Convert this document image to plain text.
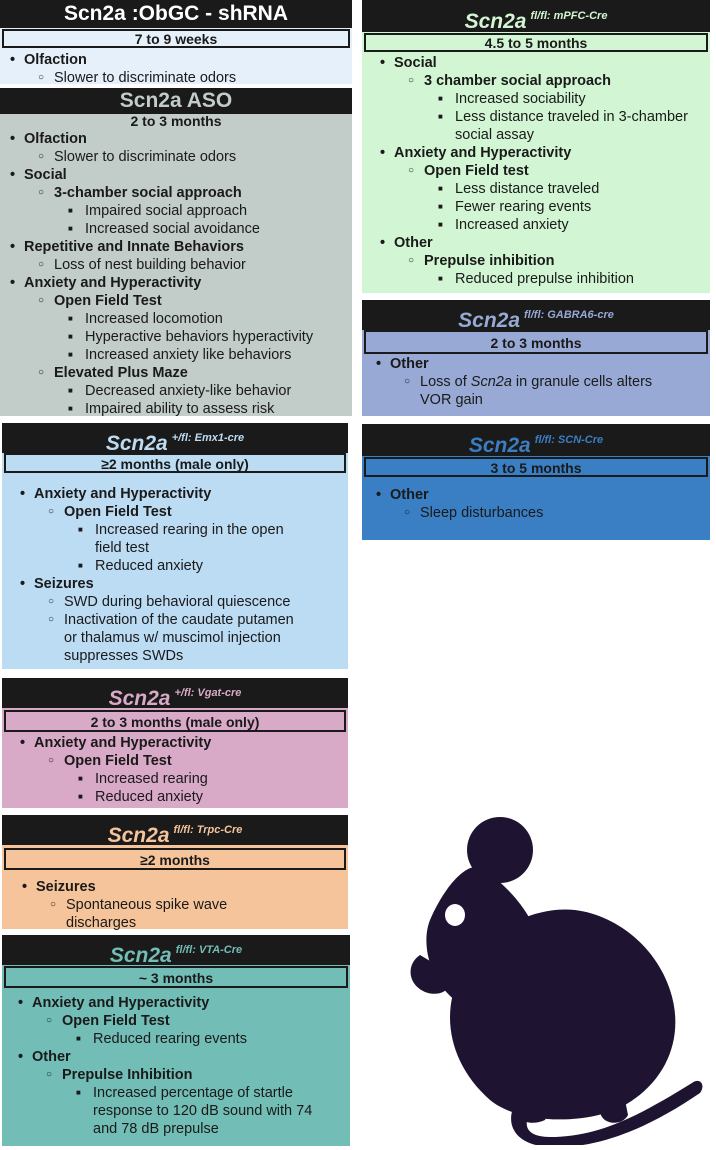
Scn2a :ObGC - shRNA
7 to 9 weeks
• Olfaction
○ Slower to discriminate odors
Scn2a ASO
2 to 3 months
• Olfaction
○ Slower to discriminate odors
• Social
○ 3-chamber social approach
■ Impaired social approach
■ Increased social avoidance
• Repetitive and Innate Behaviors
○ Loss of nest building behavior
• Anxiety and Hyperactivity
○ Open Field Test
■ Increased locomotion
■ Hyperactive behaviors hyperactivity
■ Increased anxiety like behaviors
○ Elevated Plus Maze
■ Decreased anxiety-like behavior
■ Impaired ability to assess risk
Scn2a $^{+/fl: Emx1-cre}$
≥2 months (male only)
• Anxiety and Hyperactivity
○ Open Field Test
■ Increased rearing in the open field test
■ Reduced anxiety
• Seizures
○ SWD during behavioral quiescence
○ Inactivation of the caudate putamen or thalamus w/ muscimol injection suppresses SWDs
Scn2a $^{+/fl: Vgat-cre}$
2 to 3 months (male only)
• Anxiety and Hyperactivity
○ Open Field Test
■ Increased rearing
■ Reduced anxiety
Scn2a $^{fl/fl: Trpc-Cre}$
≥2 months
• Seizures
○ Spontaneous spike wave discharges
Scn2a $^{fl/fl: VTA-Cre}$
~ 3 months
• Anxiety and Hyperactivity
○ Open Field Test
■ Reduced rearing events
• Other
○ Prepulse Inhibition
■ Increased percentage of startle response to 120 dB sound with 74 and 78 dB prepulse
Scn2a $^{fl/fl: mPFC-Cre}$
4.5 to 5 months
• Social
○ 3 chamber social approach
■ Increased sociability
■ Less distance traveled in 3-chamber social assay
• Anxiety and Hyperactivity
○ Open Field test
■ Less distance traveled
■ Fewer rearing events
■ Increased anxiety
• Other
○ Prepulse inhibition
■ Reduced prepulse inhibition
Scn2a $^{fl/fl: GABRA6-cre}$
2 to 3 months
• Other
○ Loss of Scn2a in granule cells alters VOR gain
Scn2a $^{fl/fl: SCN-Cre}$
3 to 5 months
• Other
○ Sleep disturbances
